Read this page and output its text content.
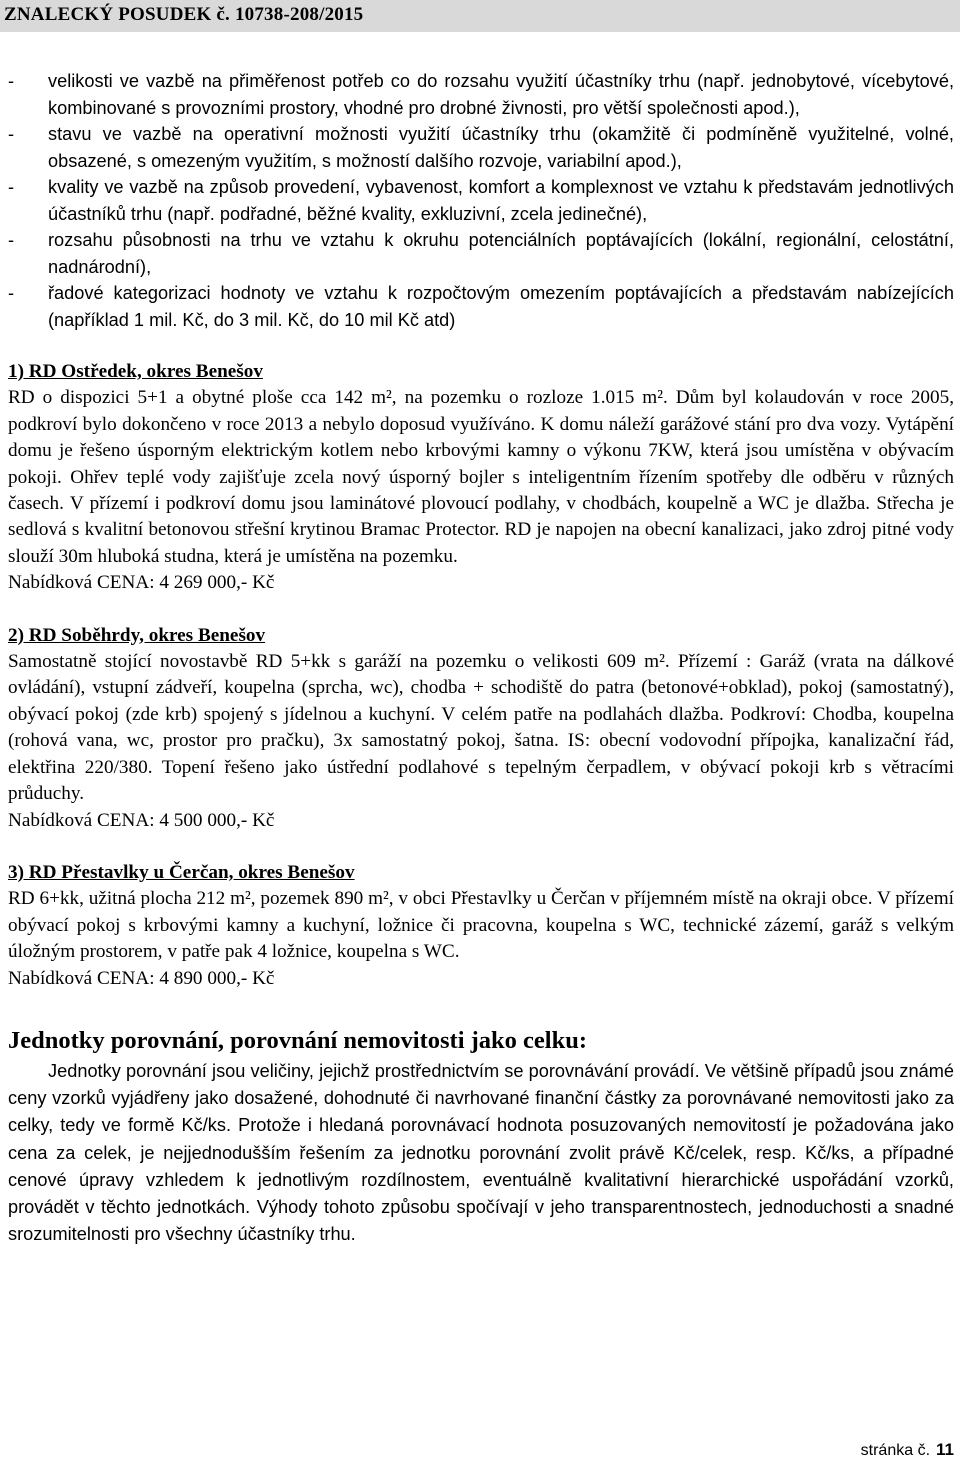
ZNALECKÝ POSUDEK č. 10738-208/2015
- velikosti ve vazbě na přiměřenost potřeb co do rozsahu využití účastníky trhu (např. jednobytové, vícebytové, kombinované s provozními prostory, vhodné pro drobné živnosti, pro větší společnosti apod.),
- stavu ve vazbě na operativní možnosti využití účastníky trhu (okamžitě či podmíněně využitelné, volné, obsazené, s omezeným využitím, s možností dalšího rozvoje, variabilní apod.),
- kvality ve vazbě na způsob provedení, vybavenost, komfort a komplexnost ve vztahu k představám jednotlivých účastníků trhu (např. podřadné, běžné kvality, exkluzivní, zcela jedinečné),
- rozsahu působnosti na trhu ve vztahu k okruhu potenciálních poptávajících (lokální, regionální, celostátní, nadnárodní),
- řadové kategorizaci hodnoty ve vztahu k rozpočtovým omezením poptávajících a představám nabízejících (například 1 mil. Kč, do 3 mil. Kč, do 10 mil Kč atd)
1) RD Ostředek, okres Benešov
RD o dispozici 5+1 a obytné ploše cca 142 m², na pozemku o rozloze 1.015 m². Dům byl kolaudován v roce 2005, podkroví bylo dokončeno v roce 2013 a nebylo doposud využíváno. K domu náleží garážové stání pro dva vozy. Vytápění domu je řešeno úsporným elektrickým kotlem nebo krbovými kamny o výkonu 7KW, která jsou umístěna v obývacím pokoji. Ohřev teplé vody zajišťuje zcela nový úsporný bojler s inteligentním řízením spotřeby dle odběru v různých časech. V přízemí i podkroví domu jsou laminátové plovoucí podlahy, v chodbách, koupelně a WC je dlažba. Střecha je sedlová s kvalitní betonovou střešní krytinou Bramac Protector. RD je napojen na obecní kanalizaci, jako zdroj pitné vody slouží 30m hluboká studna, která je umístěna na pozemku.
Nabídková CENA: 4 269 000,- Kč
2) RD Soběhrdy, okres Benešov
Samostatně stojící novostavbě RD 5+kk s garáží na pozemku o velikosti 609 m². Přízemí : Garáž (vrata na dálkové ovládání), vstupní zádveří, koupelna (sprcha, wc), chodba + schodiště do patra (betonové+obklad), pokoj (samostatný), obývací pokoj (zde krb) spojený s jídelnou a kuchyní. V celém patře na podlahách dlažba. Podkroví: Chodba, koupelna (rohová vana, wc, prostor pro pračku), 3x samostatný pokoj, šatna. IS: obecní vodovodní přípojka, kanalizační řád, elektřina 220/380. Topení řešeno jako ústřední podlahové s tepelným čerpadlem, v obývací pokoji krb s větracími průduchy.
Nabídková CENA: 4 500 000,- Kč
3) RD Přestavlky u Čerčan, okres Benešov
RD 6+kk, užitná plocha 212 m², pozemek 890 m², v obci Přestavlky u Čerčan v příjemném místě na okraji obce. V přízemí obývací pokoj s krbovými kamny a kuchyní, ložnice či pracovna, koupelna s WC, technické zázemí, garáž s velkým úložným prostorem, v patře pak 4 ložnice, koupelna s WC.
Nabídková CENA: 4 890 000,- Kč
Jednotky porovnání, porovnání nemovitosti jako celku:
Jednotky porovnání jsou veličiny, jejichž prostřednictvím se porovnávání provádí. Ve většině případů jsou známé ceny vzorků vyjádřeny jako dosažené, dohodnuté či navrhované finanční částky za porovnávané nemovitosti jako za celky, tedy ve formě Kč/ks. Protože i hledaná porovnávací hodnota posuzovaných nemovitostí je požadována jako cena za celek, je nejjednodušším řešením za jednotku porovnání zvolit právě Kč/celek, resp. Kč/ks, a případné cenové úpravy vzhledem k jednotlivým rozdílnostem, eventuálně kvalitativní hierarchické uspořádání vzorků, provádět v těchto jednotkách. Výhody tohoto způsobu spočívají v jeho transparentnostech, jednoduchosti a snadné srozumitelnosti pro všechny účastníky trhu.
stránka č. 11
